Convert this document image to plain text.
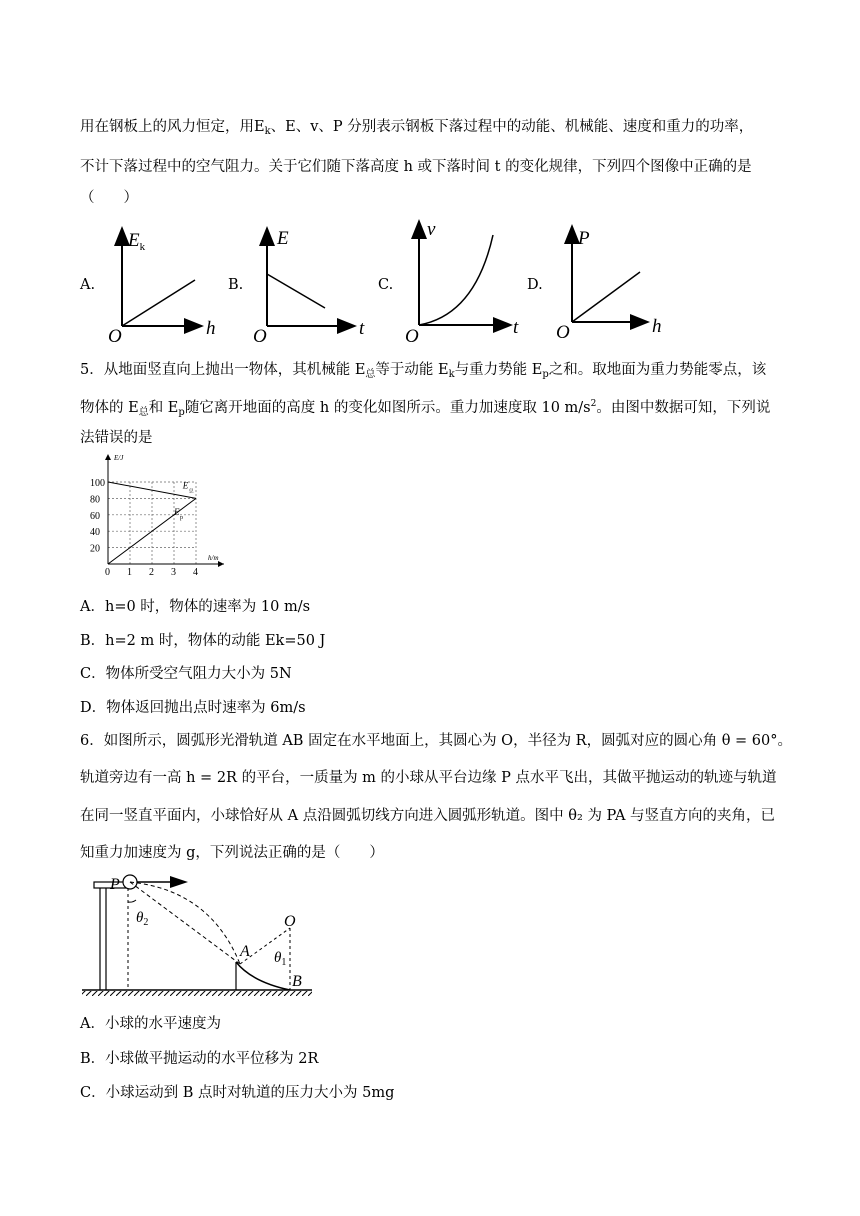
用在钢板上的风力恒定，用$E_k$、E、v、P 分别表示钢板下落过程中的动能、机械能、速度和重力的功率，
不计下落过程中的空气阻力。关于它们随下落高度 h 或下落时间 t 的变化规律，下列四个图像中正确的是
（　　）
A.
$E_k$
h
O
B.
E
t
O
C.
v
t
O
D.
P
h
O
5．从地面竖直向上抛出一物体，其机械能 $E_总$等于动能 $E_k$与重力势能 $E_p$之和。取地面为重力势能零点，该
物体的 $E_总$和 $E_p$随它离开地面的高度 h 的变化如图所示。重力加速度取 10 $m/s^2$。由图中数据可知，下列说
法错误的是
0 1 2 3 4
20
40
60
80
100
E/J
h/m
E
总
E
p
A．h=0 时，物体的速率为 10 m/s
B．h=2 m 时，物体的动能 Ek=50 J
C．物体所受空气阻力大小为 5N
D．物体返回抛出点时速率为 6m/s
6．如图所示，圆弧形光滑轨道 AB 固定在水平地面上，其圆心为 O，半径为 R，圆弧对应的圆心角 θ = 60°。
轨道旁边有一高 h = 2R 的平台，一质量为 m 的小球从平台边缘 P 点水平飞出，其做平抛运动的轨迹与轨道
在同一竖直平面内，小球恰好从 A 点沿圆弧切线方向进入圆弧形轨道。图中 θ₂ 为 PA 与竖直方向的夹角，已
知重力加速度为 g，下列说法正确的是（　　）
P
$\theta_2$
A
O
$\theta_1$
B
A．小球的水平速度为
B．小球做平抛运动的水平位移为 2R
C．小球运动到 B 点时对轨道的压力大小为 5mg
